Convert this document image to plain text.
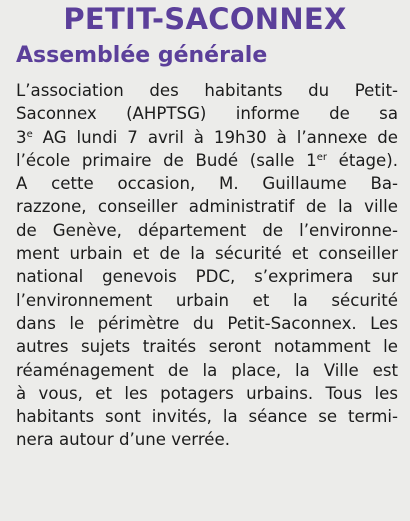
PETIT-SACONNEX
Assemblée générale
L’association des habitants du Petit-
Saconnex (AHPTSG) informe de sa
3e AG lundi 7 avril à 19h30 à l’annexe de
l’école primaire de Budé (salle 1er étage).
A cette occasion, M. Guillaume Ba-
razzone, conseiller administratif de la ville
de Genève, département de l’environne-
ment urbain et de la sécurité et conseiller
national genevois PDC, s’exprimera sur
l’environnement urbain et la sécurité
dans le périmètre du Petit-Saconnex. Les
autres sujets traités seront notamment le
réaménagement de la place, la Ville est
à vous, et les potagers urbains. Tous les
habitants sont invités, la séance se termi-
nera autour d’une verrée.
